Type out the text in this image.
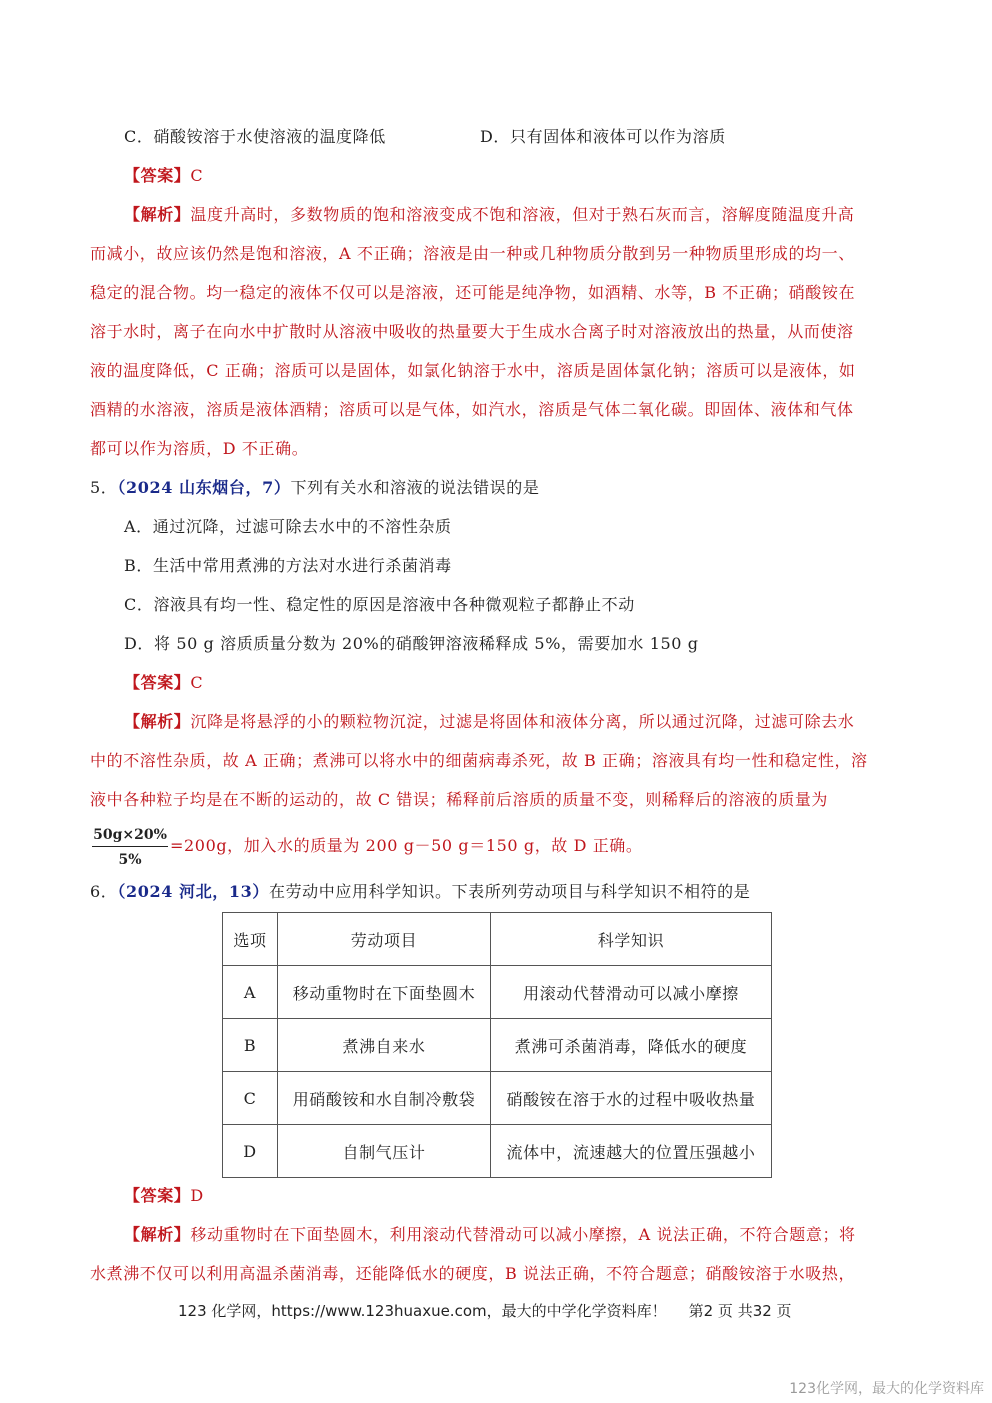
C．硝酸铵溶于水使溶液的温度降低	D．只有固体和液体可以作为溶质
【答案】C
【解析】温度升高时，多数物质的饱和溶液变成不饱和溶液，但对于熟石灰而言，溶解度随温度升高
而减小，故应该仍然是饱和溶液，A 不正确；溶液是由一种或几种物质分散到另一种物质里形成的均一、
稳定的混合物。均一稳定的液体不仅可以是溶液，还可能是纯净物，如酒精、水等，B 不正确；硝酸铵在
溶于水时，离子在向水中扩散时从溶液中吸收的热量要大于生成水合离子时对溶液放出的热量，从而使溶
液的温度降低，C 正确；溶质可以是固体，如氯化钠溶于水中，溶质是固体氯化钠；溶质可以是液体，如
酒精的水溶液，溶质是液体酒精；溶质可以是气体，如汽水，溶质是气体二氧化碳。即固体、液体和气体
都可以作为溶质，D 不正确。
5．（2024 山东烟台，7）下列有关水和溶液的说法错误的是
A．通过沉降，过滤可除去水中的不溶性杂质
B．生活中常用煮沸的方法对水进行杀菌消毒
C．溶液具有均一性、稳定性的原因是溶液中各种微观粒子都静止不动
D．将 50 g 溶质质量分数为 20%的硝酸钾溶液稀释成 5%，需要加水 150 g
【答案】C
【解析】沉降是将悬浮的小的颗粒物沉淀，过滤是将固体和液体分离，所以通过沉降，过滤可除去水
中的不溶性杂质，故 A 正确；煮沸可以将水中的细菌病毒杀死，故 B 正确；溶液具有均一性和稳定性，溶
液中各种粒子均是在不断的运动的，故 C 错误；稀释前后溶质的质量不变，则稀释后的溶液的质量为
$\frac{50g\times 20\%}{5\%} =200g$，加入水的质量为 200 g－50 g＝150 g，故 D 正确。
6．（2024 河北，13）在劳动中应用科学知识。下表所列劳动项目与科学知识不相符的是
选项	劳动项目	科学知识
A	移动重物时在下面垫圆木	用滚动代替滑动可以减小摩擦
B	煮沸自来水	煮沸可杀菌消毒，降低水的硬度
C	用硝酸铵和水自制冷敷袋	硝酸铵在溶于水的过程中吸收热量
D	自制气压计	流体中，流速越大的位置压强越小
【答案】D
【解析】移动重物时在下面垫圆木，利用滚动代替滑动可以减小摩擦，A 说法正确，不符合题意；将
水煮沸不仅可以利用高温杀菌消毒，还能降低水的硬度，B 说法正确，不符合题意；硝酸铵溶于水吸热，
123 化学网，https://www.123huaxue.com，最大的中学化学资料库！ 第2 页 共32 页
123化学网，最大的化学资料库
